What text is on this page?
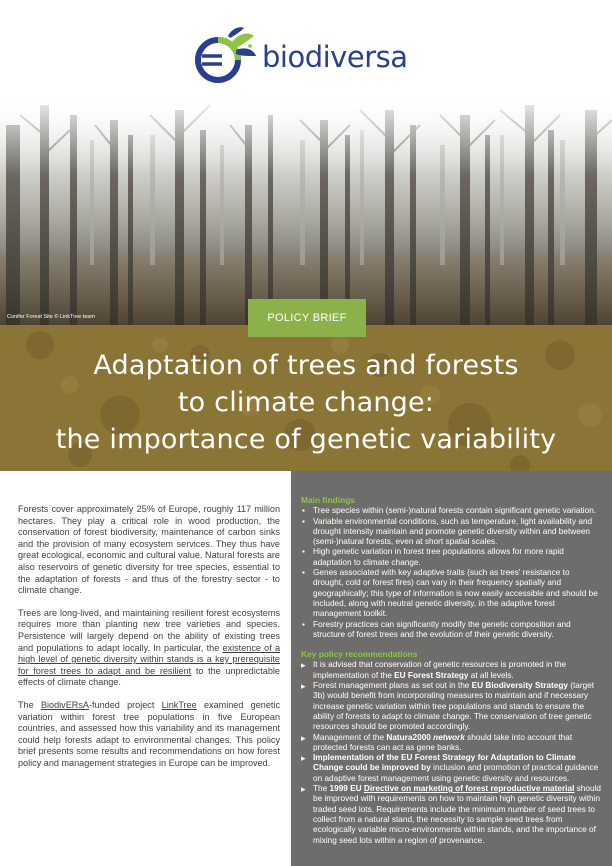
biodiversa
Conifer Forest Site © LinkTree team
Adaptation of trees and forests
to climate change:
the importance of genetic variability
POLICY BRIEF

Forests cover approximately 25% of Europe, roughly 117 million hectares. They play a critical role in wood production, the conservation of forest biodiversity, maintenance of carbon sinks and the provision of many ecosystem services. They thus have great ecological, economic and cultural value. Natural forests are also reservoirs of genetic diversity for tree species, essential to the adaptation of forests - and thus of the forestry sector - to climate change.

Trees are long-lived, and maintaining resilient forest ecosystems requires more than planting new tree varieties and species. Persistence will largely depend on the ability of existing trees and populations to adapt locally. In particular, the existence of a high level of genetic diversity within stands is a key prerequisite for forest trees to adapt and be resilient to the unpredictable effects of climate change.

The BiodivERsA-funded project LinkTree examined genetic variation within forest tree populations in five European countries, and assessed how this variability and its management could help forests adapt to environmental changes. This policy brief presents some results and recommendations on how forest policy and management strategies in Europe can be improved.

Main findings
▪ Tree species within (semi-)natural forests contain significant genetic variation.
▪ Variable environmental conditions, such as temperature, light availability and drought intensity maintain and promote genetic diversity within and between (semi-)natural forests, even at short spatial scales.
▪ High genetic variation in forest tree populations allows for more rapid adaptation to climate change.
▪ Genes associated with key adaptive traits (such as trees' resistance to drought, cold or forest fires) can vary in their frequency spatially and geographically; this type of information is now easily accessible and should be included, along with neutral genetic diversity, in the adaptive forest management toolkit.
▪ Forestry practices can significantly modify the genetic composition and structure of forest trees and the evolution of their genetic diversity.
Key policy recommendations
▸ It is advised that conservation of genetic resources is promoted in the implementation of the EU Forest Strategy at all levels.
▸ Forest management plans as set out in the EU Biodiversity Strategy (target 3b) would benefit from incorporating measures to maintain and if necessary increase genetic variation within tree populations and stands to ensure the ability of forests to adapt to climate change. The conservation of tree genetic resources should be promoted accordingly.
▸ Management of the Natura2000 network should take into account that protected forests can act as gene banks.
▸ Implementation of the EU Forest Strategy for Adaptation to Climate Change could be improved by inclusion and promotion of practical guidance on adaptive forest management using genetic diversity and resources.
▸ The 1999 EU Directive on marketing of forest reproductive material should be improved with requirements on how to maintain high genetic diversity within traded seed lots. Requirements include the minimum number of seed trees to collect from a natural stand, the necessity to sample seed trees from ecologically variable micro-environments within stands, and the importance of mixing seed lots within a region of provenance.
